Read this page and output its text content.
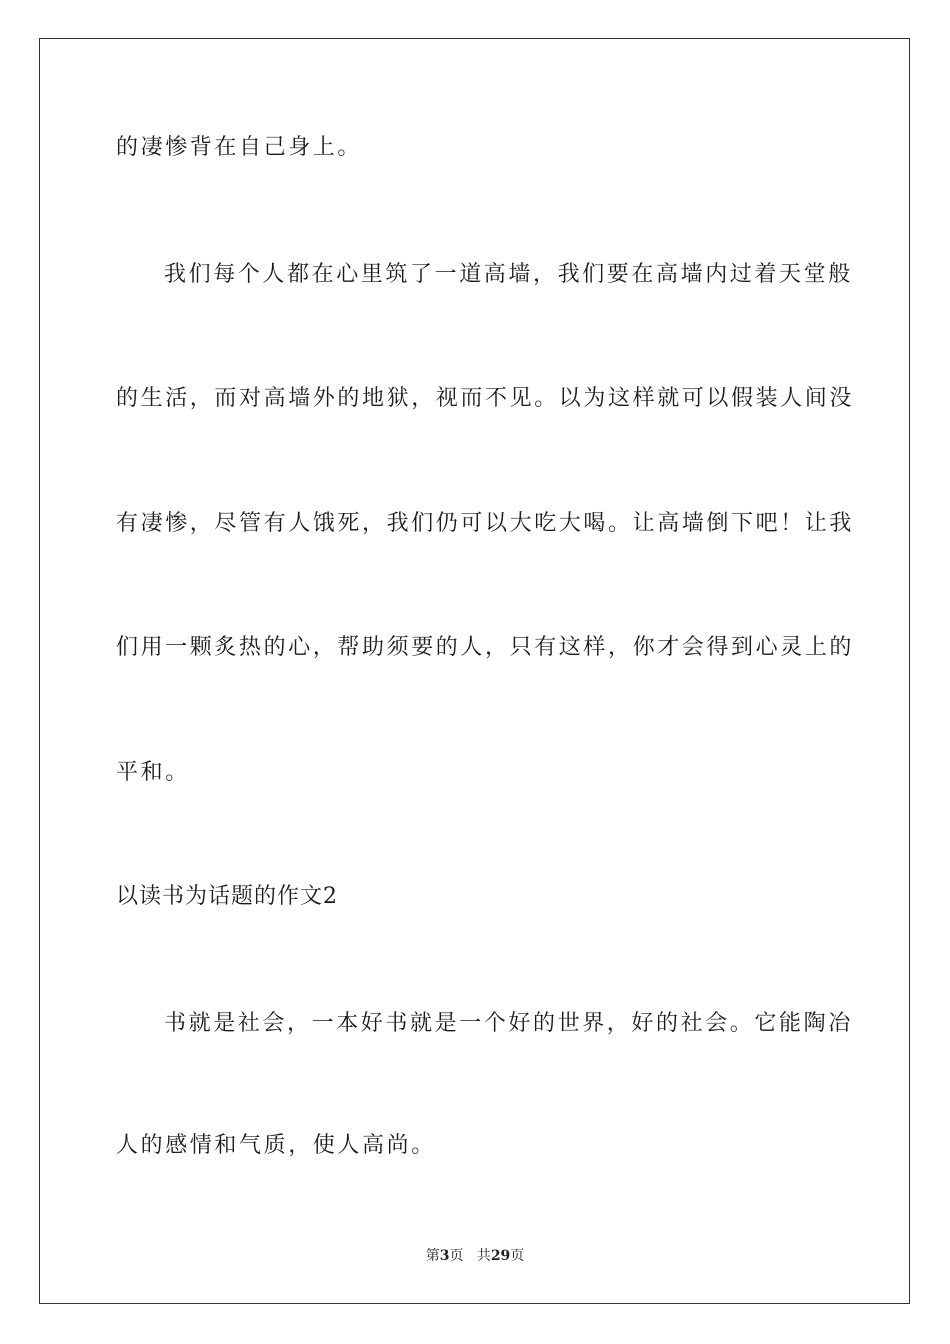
的凄惨背在自己身上。
我们每个人都在心里筑了一道高墙，我们要在高墙内过着天堂般
的生活，而对高墙外的地狱，视而不见。以为这样就可以假装人间没
有凄惨，尽管有人饿死，我们仍可以大吃大喝。让高墙倒下吧！让我
们用一颗炙热的心，帮助须要的人，只有这样，你才会得到心灵上的
平和。
以读书为话题的作文2
书就是社会，一本好书就是一个好的世界，好的社会。它能陶冶
人的感情和气质，使人高尚。
第3页 共29页
